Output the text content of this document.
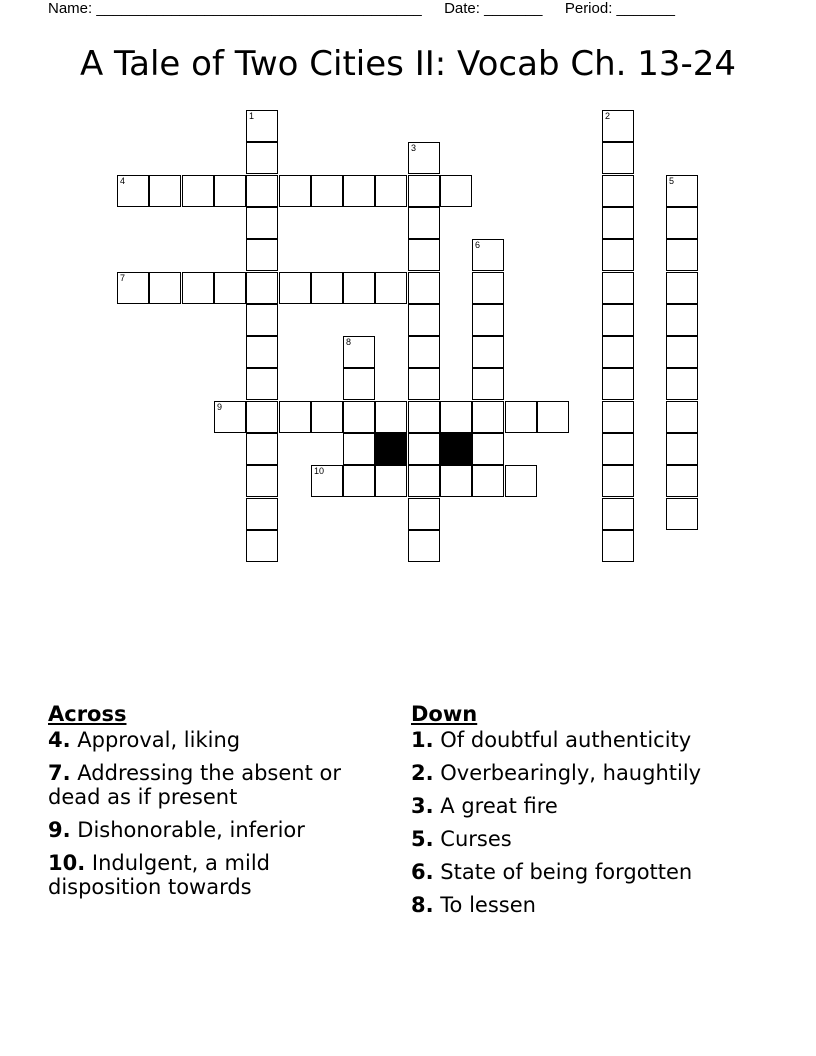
Name: _______________________________________ Date: _______ Period: _______
A Tale of Two Cities II: Vocab Ch. 13-24
1	2
3
4	5
6
7
8
9
10
Across
4. Approval, liking
7. Addressing the absent or dead as if present
9. Dishonorable, inferior
10. Indulgent, a mild disposition towards
Down
1. Of doubtful authenticity
2. Overbearingly, haughtily
3. A great fire
5. Curses
6. State of being forgotten
8. To lessen
